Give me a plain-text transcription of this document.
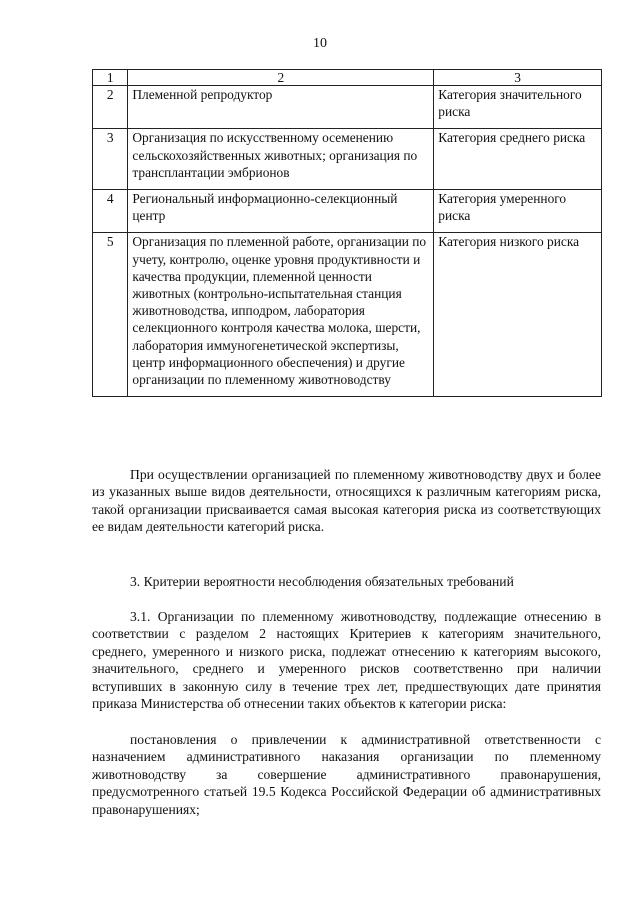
10
1	2	3
2	Племенной репродуктор	Категория значительного риска
3	Организация по искусственному осеменению сельскохозяйственных животных; организация по трансплантации эмбрионов	Категория среднего риска
4	Региональный информационно-селекционный центр	Категория умеренного риска
5	Организация по племенной работе, организации по учету, контролю, оценке уровня продуктивности и качества продукции, племенной ценности животных (контрольно-испытательная станция животноводства, ипподром, лаборатория селекционного контроля качества молока, шерсти, лаборатория иммуногенетической экспертизы, центр информационного обеспечения) и другие организации по племенному животноводству	Категория низкого риска

При осуществлении организацией по племенному животноводству двух и более из указанных выше видов деятельности, относящихся к различным категориям риска, такой организации присваивается самая высокая категория риска из соответствующих ее видам деятельности категорий риска.

3. Критерии вероятности несоблюдения обязательных требований

3.1. Организации по племенному животноводству, подлежащие отнесению в соответствии с разделом 2 настоящих Критериев к категориям значительного, среднего, умеренного и низкого риска, подлежат отнесению к категориям высокого, значительного, среднего и умеренного рисков соответственно при наличии вступивших в законную силу в течение трех лет, предшествующих дате принятия приказа Министерства об отнесении таких объектов к категории риска:

постановления о привлечении к административной ответственности с назначением административного наказания организации по племенному животноводству за совершение административного правонарушения, предусмотренного статьей 19.5 Кодекса Российской Федерации об административных правонарушениях;
